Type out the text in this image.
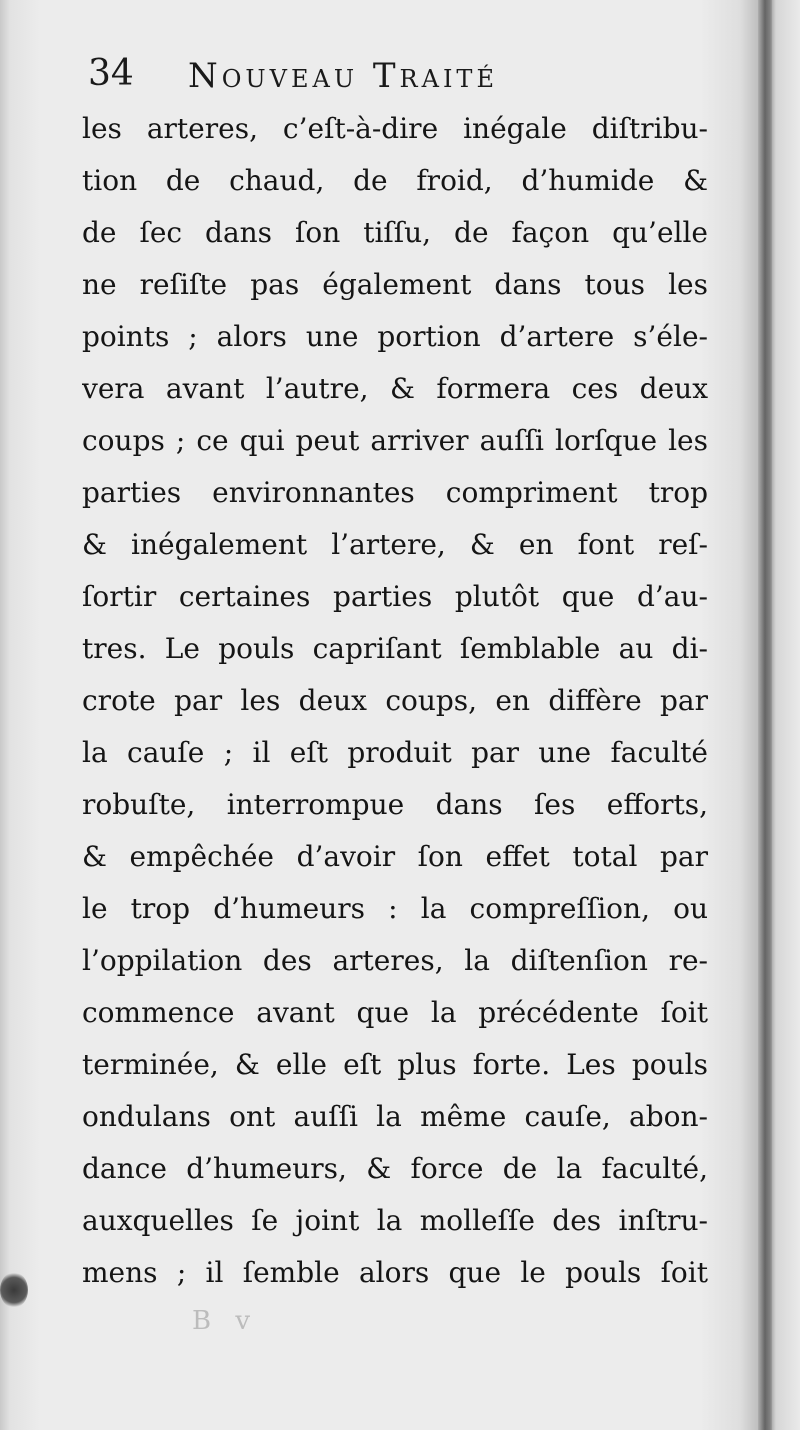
34 Nouveau Traité
les arteres, c’eſt-à-dire inégale diſtribu-
tion de chaud, de froid, d’humide &
de ſec dans ſon tiſſu, de façon qu’elle
ne reſiſte pas également dans tous les
points ; alors une portion d’artere s’éle-
vera avant l’autre, & formera ces deux
coups ; ce qui peut arriver auſſi lorſque les
parties environnantes compriment trop
& inégalement l’artere, & en font reſ-
ſortir certaines parties plutôt que d’au-
tres. Le pouls capriſant ſemblable au di-
crote par les deux coups, en diffère par
la cauſe ; il eſt produit par une faculté
robuſte, interrompue dans ſes efforts,
& empêchée d’avoir ſon effet total par
le trop d’humeurs : la compreſſion, ou
l’oppilation des arteres, la diſtenſion re-
commence avant que la précédente ſoit
terminée, & elle eſt plus forte. Les pouls
ondulans ont auſſi la même cauſe, abon-
dance d’humeurs, & force de la faculté,
auxquelles ſe joint la molleſſe des inſtru-
mens ; il ſemble alors que le pouls ſoit
B v
